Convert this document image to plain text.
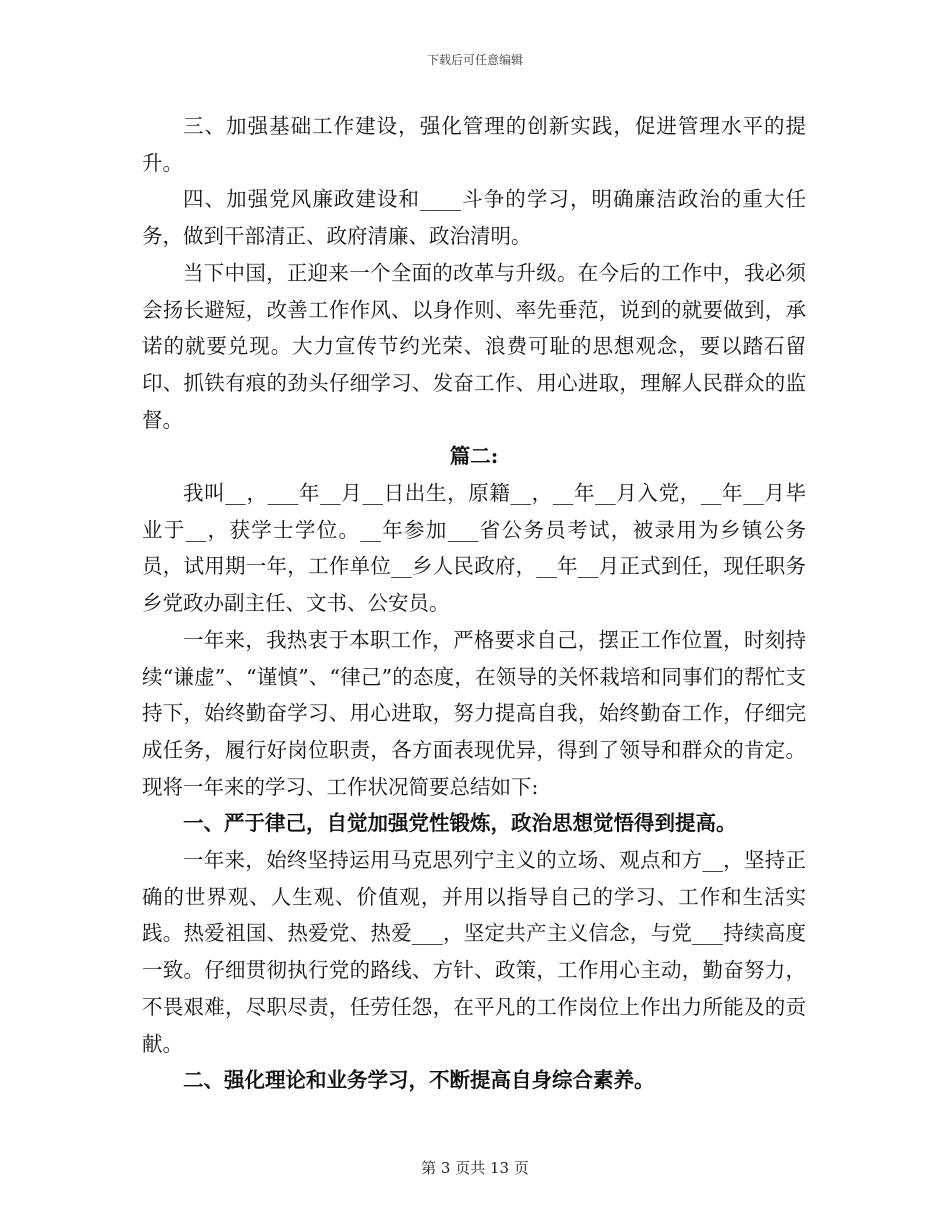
下载后可任意编辑

三、加强基础工作建设，强化管理的创新实践，促进管理水平的提升。

四、加强党风廉政建设和____斗争的学习，明确廉洁政治的重大任务，做到干部清正、政府清廉、政治清明。

当下中国，正迎来一个全面的改革与升级。在今后的工作中，我必须会扬长避短，改善工作作风、以身作则、率先垂范，说到的就要做到，承诺的就要兑现。大力宣传节约光荣、浪费可耻的思想观念，要以踏石留印、抓铁有痕的劲头仔细学习、发奋工作、用心进取，理解人民群众的监督。

篇二:

我叫__，___年__月__日出生，原籍__，__年__月入党，__年__月毕业于__，获学士学位。__年参加___省公务员考试，被录用为乡镇公务员，试用期一年，工作单位__乡人民政府，__年__月正式到任，现任职务乡党政办副主任、文书、公安员。

一年来，我热衷于本职工作，严格要求自己，摆正工作位置，时刻持续“谦虚”、“谨慎”、“律己”的态度，在领导的关怀栽培和同事们的帮忙支持下，始终勤奋学习、用心进取，努力提高自我，始终勤奋工作，仔细完成任务，履行好岗位职责，各方面表现优异，得到了领导和群众的肯定。现将一年来的学习、工作状况简要总结如下:

一、严于律己，自觉加强党性锻炼，政治思想觉悟得到提高。

一年来，始终坚持运用马克思列宁主义的立场、观点和方__，坚持正确的世界观、人生观、价值观，并用以指导自己的学习、工作和生活实践。热爱祖国、热爱党、热爱___，坚定共产主义信念，与党___持续高度一致。仔细贯彻执行党的路线、方针、政策，工作用心主动，勤奋努力，不畏艰难，尽职尽责，任劳任怨，在平凡的工作岗位上作出力所能及的贡献。

二、强化理论和业务学习，不断提高自身综合素养。

第 3 页共 13 页
